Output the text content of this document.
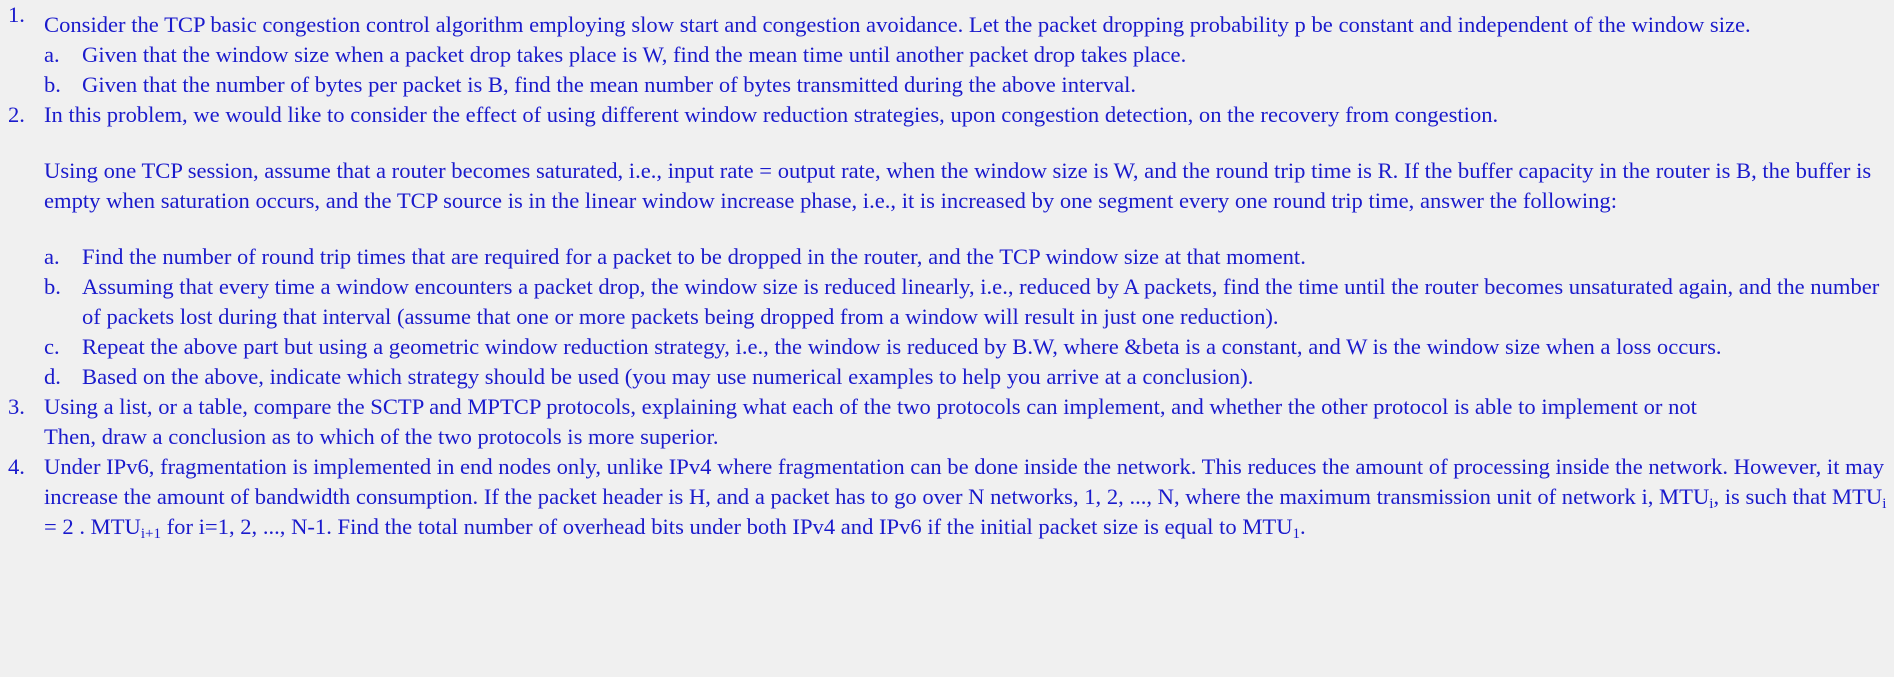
1. Consider the TCP basic congestion control algorithm employing slow start and congestion avoidance. Let the packet dropping probability p be constant and independent of the window size.
a. Given that the window size when a packet drop takes place is W, find the mean time until another packet drop takes place.
b. Given that the number of bytes per packet is B, find the mean number of bytes transmitted during the above interval.
2. In this problem, we would like to consider the effect of using different window reduction strategies, upon congestion detection, on the recovery from congestion.
Using one TCP session, assume that a router becomes saturated, i.e., input rate = output rate, when the window size is W, and the round trip time is R. If the buffer capacity in the router is B, the buffer is empty when saturation occurs, and the TCP source is in the linear window increase phase, i.e., it is increased by one segment every one round trip time, answer the following:
a. Find the number of round trip times that are required for a packet to be dropped in the router, and the TCP window size at that moment.
b. Assuming that every time a window encounters a packet drop, the window size is reduced linearly, i.e., reduced by A packets, find the time until the router becomes unsaturated again, and the number of packets lost during that interval (assume that one or more packets being dropped from a window will result in just one reduction).
c. Repeat the above part but using a geometric window reduction strategy, i.e., the window is reduced by B.W, where &beta is a constant, and W is the window size when a loss occurs.
d. Based on the above, indicate which strategy should be used (you may use numerical examples to help you arrive at a conclusion).
3. Using a list, or a table, compare the SCTP and MPTCP protocols, explaining what each of the two protocols can implement, and whether the other protocol is able to implement or not
Then, draw a conclusion as to which of the two protocols is more superior.
4. Under IPv6, fragmentation is implemented in end nodes only, unlike IPv4 where fragmentation can be done inside the network. This reduces the amount of processing inside the network. However, it may increase the amount of bandwidth consumption. If the packet header is H, and a packet has to go over N networks, 1, 2, ..., N, where the maximum transmission unit of network i, $MTU_i$, is such that $MTU_i = 2$ . $MTU_{i+1}$ for i=1, 2, ..., N-1. Find the total number of overhead bits under both IPv4 and IPv6 if the initial packet size is equal to $MTU_1$.
